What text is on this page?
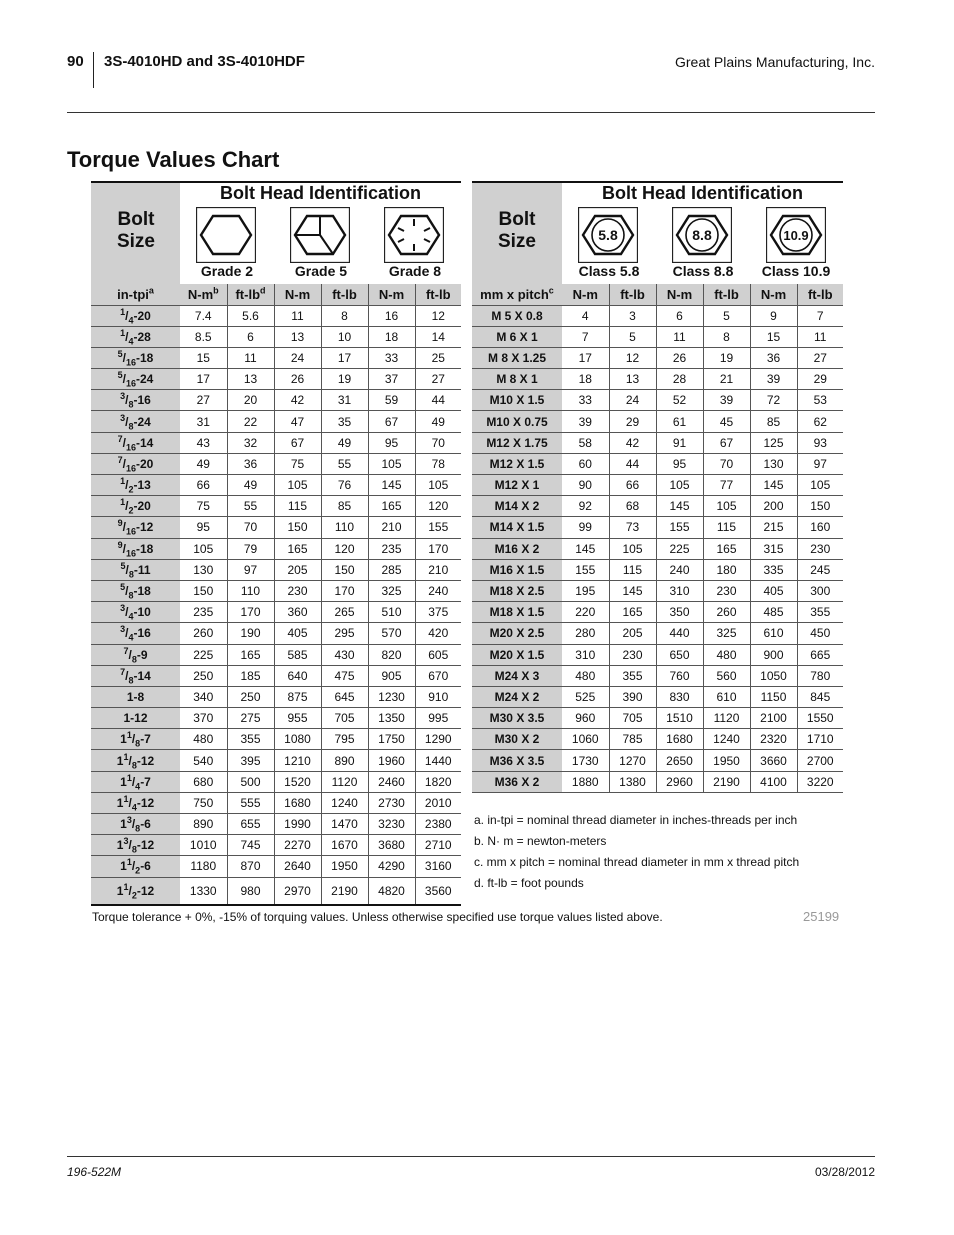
90 3S-4010HD and 3S-4010HDF	Great Plains Manufacturing, Inc.
Torque Values Chart
Bolt Size
Bolt Head Identification
Grade 2	Grade 5	Grade 8
in-tpi$^a$	$N-m^b$	$ft-lb^d$	N-m	ft-lb	N-m	ft-lb
$^1/_4-20$	7.4	5.6	11	8	16	12
$^1/_4-28$	8.5	6	13	10	18	14
$^5/_{16}-18$	15	11	24	17	33	25
$^5/_{16}-24$	17	13	26	19	37	27
$^3/_8-16$	27	20	42	31	59	44
$^3/_8-24$	31	22	47	35	67	49
$^7/_{16}-14$	43	32	67	49	95	70
$^7/_{16}-20$	49	36	75	55	105	78
$^1/_2-13$	66	49	105	76	145	105
$^1/_2-20$	75	55	115	85	165	120
$^9/_{16}-12$	95	70	150	110	210	155
$^9/_{16}-18$	105	79	165	120	235	170
$^5/_8-11$	130	97	205	150	285	210
$^5/_8-18$	150	110	230	170	325	240
$^3/_4-10$	235	170	360	265	510	375
$^3/_4-16$	260	190	405	295	570	420
$^7/_8-9$	225	165	585	430	820	605
$^7/_8-14$	250	185	640	475	905	670
1-8	340	250	875	645	1230	910
1-12	370	275	955	705	1350	995
$1^1/_8-7$	480	355	1080	795	1750	1290
$1^1/_8-12$	540	395	1210	890	1960	1440
$1^1/_4-7$	680	500	1520	1120	2460	1820
$1^1/_4-12$	750	555	1680	1240	2730	2010
$1^3/_8-6$	890	655	1990	1470	3230	2380
$1^3/_8-12$	1010	745	2270	1670	3680	2710
$1^1/_2-6$	1180	870	2640	1950	4290	3160
$1^1/_2-12$	1330	980	2970	2190	4820	3560
Bolt Size
Bolt Head Identification
5.8	8.8	10.9
Class 5.8	Class 8.8	Class 10.9
mm x pitch$^c$	N-m	ft-lb	N-m	ft-lb	N-m	ft-lb
M 5 X 0.8	4	3	6	5	9	7
M 6 X 1	7	5	11	8	15	11
M 8 X 1.25	17	12	26	19	36	27
M 8 X 1	18	13	28	21	39	29
M10 X 1.5	33	24	52	39	72	53
M10 X 0.75	39	29	61	45	85	62
M12 X 1.75	58	42	91	67	125	93
M12 X 1.5	60	44	95	70	130	97
M12 X 1	90	66	105	77	145	105
M14 X 2	92	68	145	105	200	150
M14 X 1.5	99	73	155	115	215	160
M16 X 2	145	105	225	165	315	230
M16 X 1.5	155	115	240	180	335	245
M18 X 2.5	195	145	310	230	405	300
M18 X 1.5	220	165	350	260	485	355
M20 X 2.5	280	205	440	325	610	450
M20 X 1.5	310	230	650	480	900	665
M24 X 3	480	355	760	560	1050	780
M24 X 2	525	390	830	610	1150	845
M30 X 3.5	960	705	1510	1120	2100	1550
M30 X 2	1060	785	1680	1240	2320	1710
M36 X 3.5	1730	1270	2650	1950	3660	2700
M36 X 2	1880	1380	2960	2190	4100	3220
a. in-tpi = nominal thread diameter in inches-threads per inch
b. N· m = newton-meters
c. mm x pitch = nominal thread diameter in mm x thread pitch
d. ft-lb = foot pounds
Torque tolerance + 0%, -15% of torquing values. Unless otherwise specified use torque values listed above.	25199
196-522M	03/28/2012
